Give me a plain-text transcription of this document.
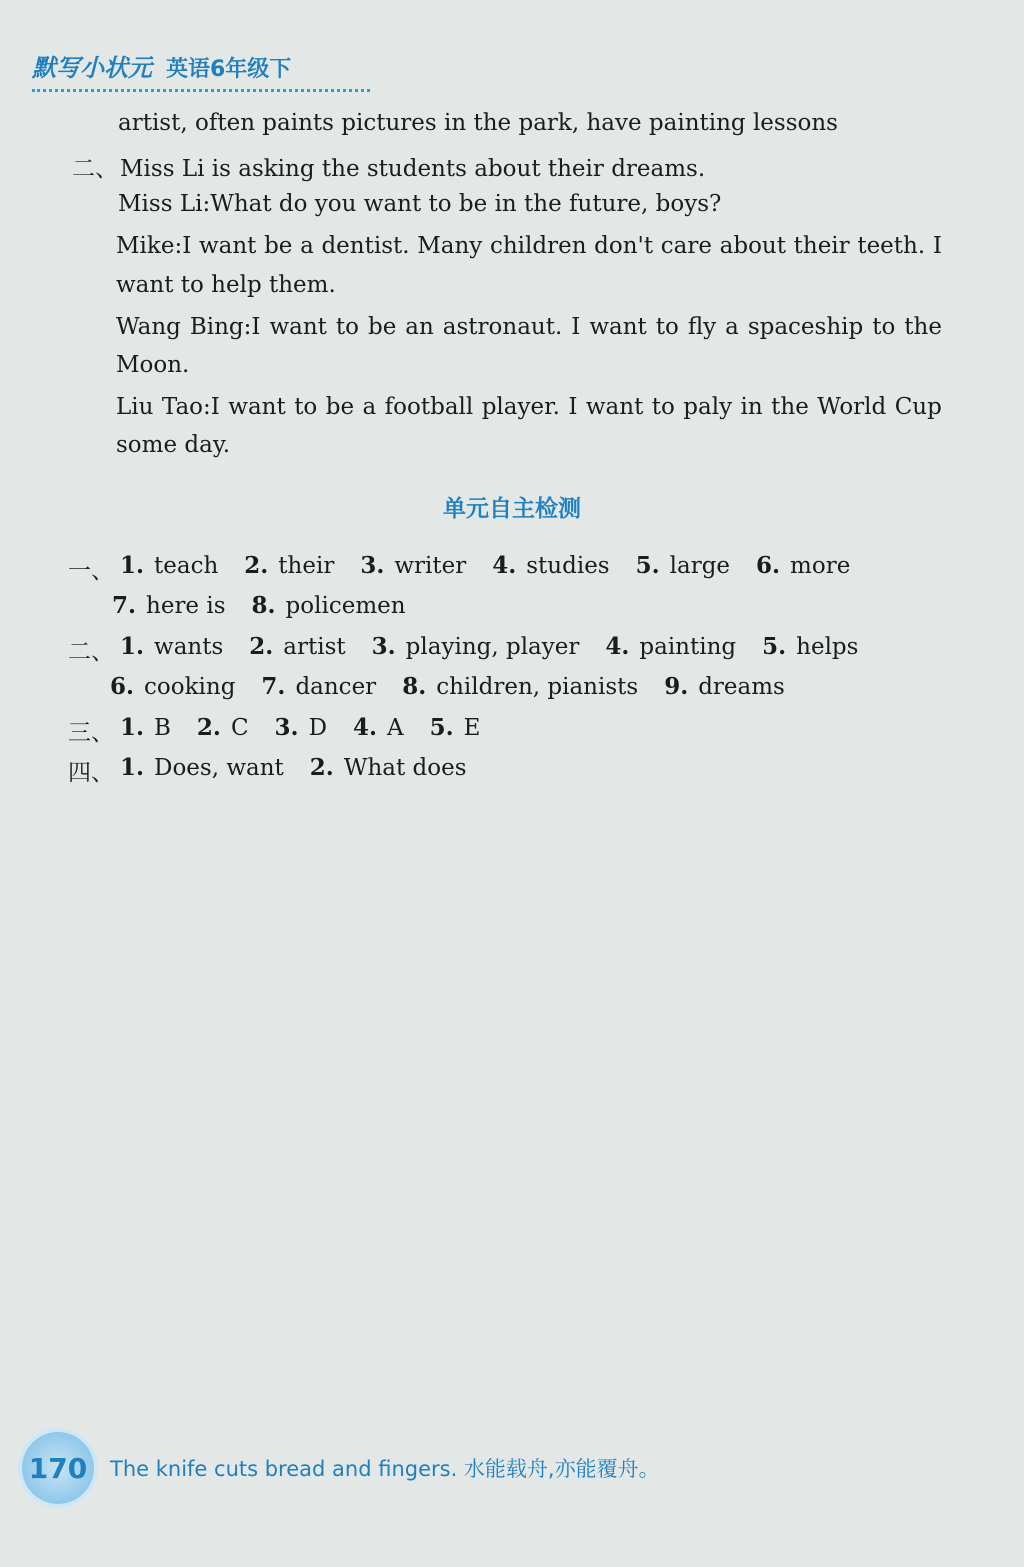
默写小状元 英语6年级下
artist, often paints pictures in the park, have painting lessons
二、Miss Li is asking the students about their dreams.
Miss Li:What do you want to be in the future, boys?
Mike:I want be a dentist. Many children don't care about their teeth. I
want to help them.
Wang Bing:I want to be an astronaut. I want to fly a spaceship to the
Moon.
Liu Tao:I want to be a football player. I want to paly in the World Cup
some day.
单元自主检测
一、 1. teach 2. their 3. writer 4. studies 5. large 6. more
7. here is 8. policemen
二、 1. wants 2. artist 3. playing, player 4. painting 5. helps
6. cooking 7. dancer 8. children, pianists 9. dreams
三、 1. B 2. C 3. D 4. A 5. E
四、 1. Does, want 2. What does
170	The knife cuts bread and fingers. 水能载舟,亦能覆舟。
